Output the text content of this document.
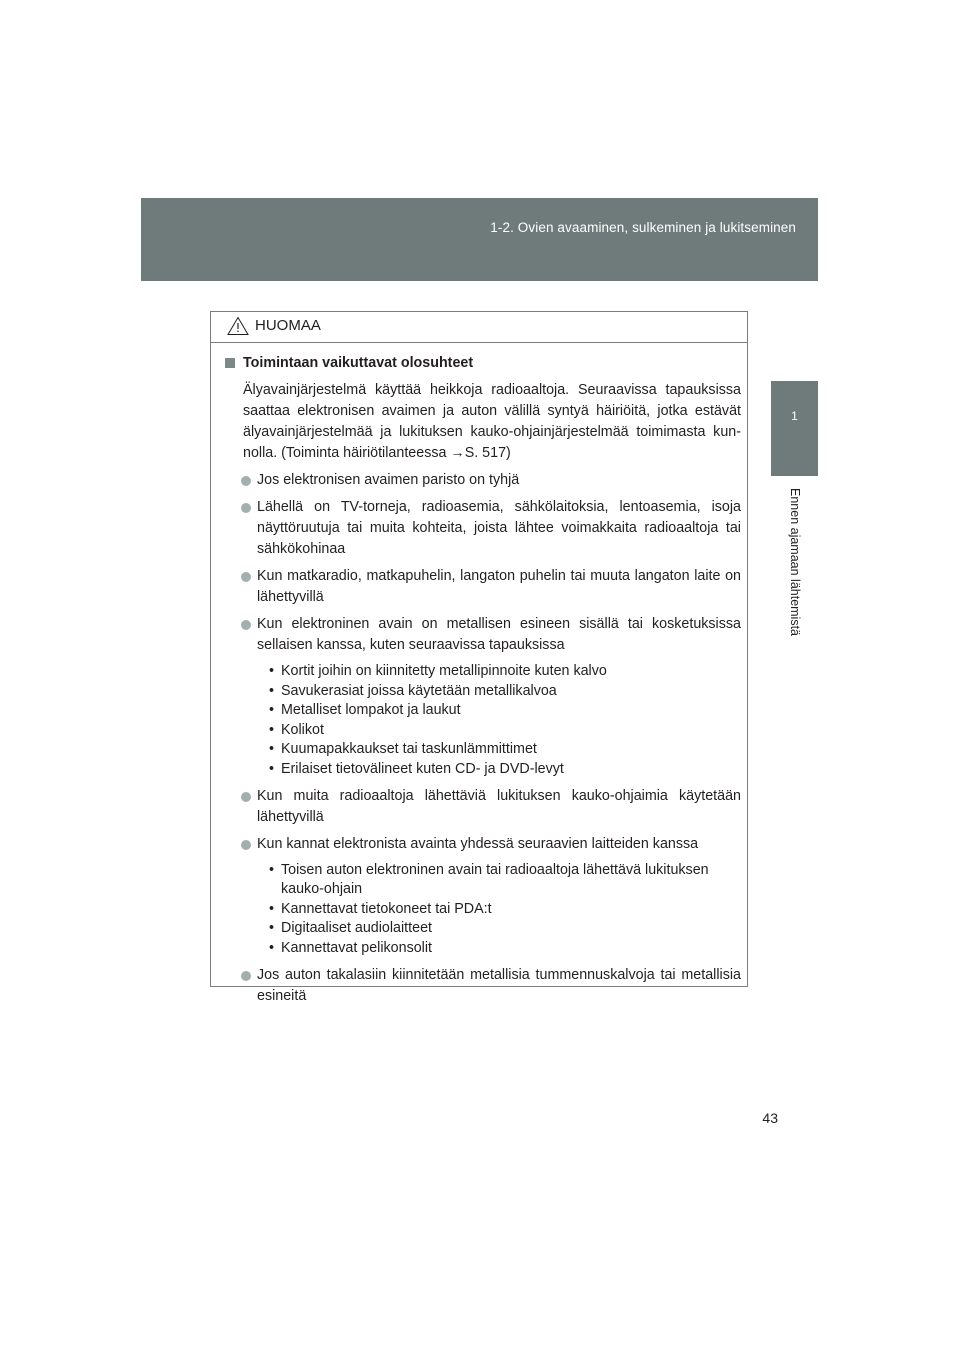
1-2. Ovien avaaminen, sulkeminen ja lukitseminen
1
Ennen ajamaan lähtemistä
HUOMAA
Toimintaan vaikuttavat olosuhteet
Älyavainjärjestelmä käyttää heikkoja radioaaltoja. Seuraavissa tapauksissa saattaa elektronisen avaimen ja auton välillä syntyä häiriöitä, jotka estävät älyavainjärjestelmää ja lukituksen kauko-ohjainjärjestelmää toimimasta kun-nolla. (Toiminta häiriötilanteessa →S. 517)
Jos elektronisen avaimen paristo on tyhjä
Lähellä on TV-torneja, radioasemia, sähkölaitoksia, lentoasemia, isoja näyttöruutuja tai muita kohteita, joista lähtee voimakkaita radioaaltoja tai sähkökohinaa
Kun matkaradio, matkapuhelin, langaton puhelin tai muuta langaton laite on lähettyvillä
Kun elektroninen avain on metallisen esineen sisällä tai kosketuksissa sellaisen kanssa, kuten seuraavissa tapauksissa
• Kortit joihin on kiinnitetty metallipinnoite kuten kalvo
• Savukerasiat joissa käytetään metallikalvoa
• Metalliset lompakot ja laukut
• Kolikot
• Kuumapakkaukset tai taskunlämmittimet
• Erilaiset tietovälineet kuten CD- ja DVD-levyt
Kun muita radioaaltoja lähettäviä lukituksen kauko-ohjaimia käytetään lähettyvillä
Kun kannat elektronista avainta yhdessä seuraavien laitteiden kanssa
• Toisen auton elektroninen avain tai radioaaltoja lähettävä lukituksen kauko-ohjain
• Kannettavat tietokoneet tai PDA:t
• Digitaaliset audiolaitteet
• Kannettavat pelikonsolit
Jos auton takalasiin kiinnitetään metallisia tummennuskalvoja tai metallisia esineitä
43
